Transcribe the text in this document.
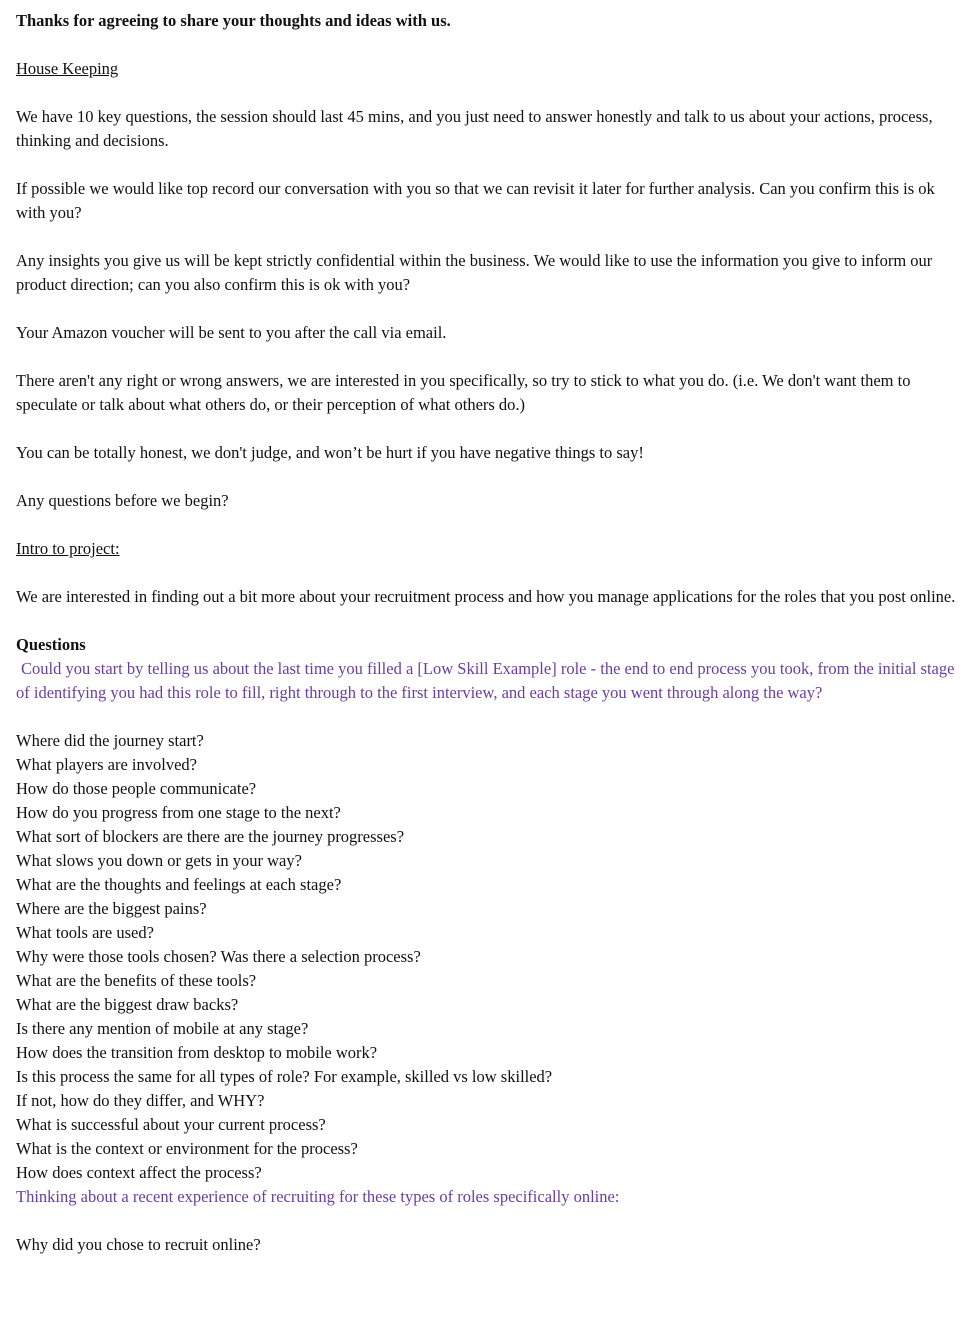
Thanks for agreeing to share your thoughts and ideas with us.

House Keeping

We have 10 key questions, the session should last 45 mins, and you just need to answer honestly and talk to us about your actions, process, thinking and decisions.

If possible we would like top record our conversation with you so that we can revisit it later for further analysis. Can you confirm this is ok with you?

Any insights you give us will be kept strictly confidential within the business. We would like to use the information you give to inform our product direction; can you also confirm this is ok with you?

Your Amazon voucher will be sent to you after the call via email.

There aren't any right or wrong answers, we are interested in you specifically, so try to stick to what you do. (i.e. We don't want them to speculate or talk about what others do, or their perception of what others do.)

You can be totally honest, we don't judge, and won’t be hurt if you have negative things to say!

Any questions before we begin?

Intro to project:

We are interested in finding out a bit more about your recruitment process and how you manage applications for the roles that you post online.

Questions

Could you start by telling us about the last time you filled a [Low Skill Example] role - the end to end process you took, from the initial stage of identifying you had this role to fill, right through to the first interview, and each stage you went through along the way?

Where did the journey start?
What players are involved?
How do those people communicate?
How do you progress from one stage to the next?
What sort of blockers are there are the journey progresses?
What slows you down or gets in your way?
What are the thoughts and feelings at each stage?
Where are the biggest pains?
What tools are used?
Why were those tools chosen? Was there a selection process?
What are the benefits of these tools?
What are the biggest draw backs?
Is there any mention of mobile at any stage?
How does the transition from desktop to mobile work?
Is this process the same for all types of role? For example, skilled vs low skilled?
If not, how do they differ, and WHY?
What is successful about your current process?
What is the context or environment for the process?
How does context affect the process?

Thinking about a recent experience of recruiting for these types of roles specifically online:

Why did you chose to recruit online?
